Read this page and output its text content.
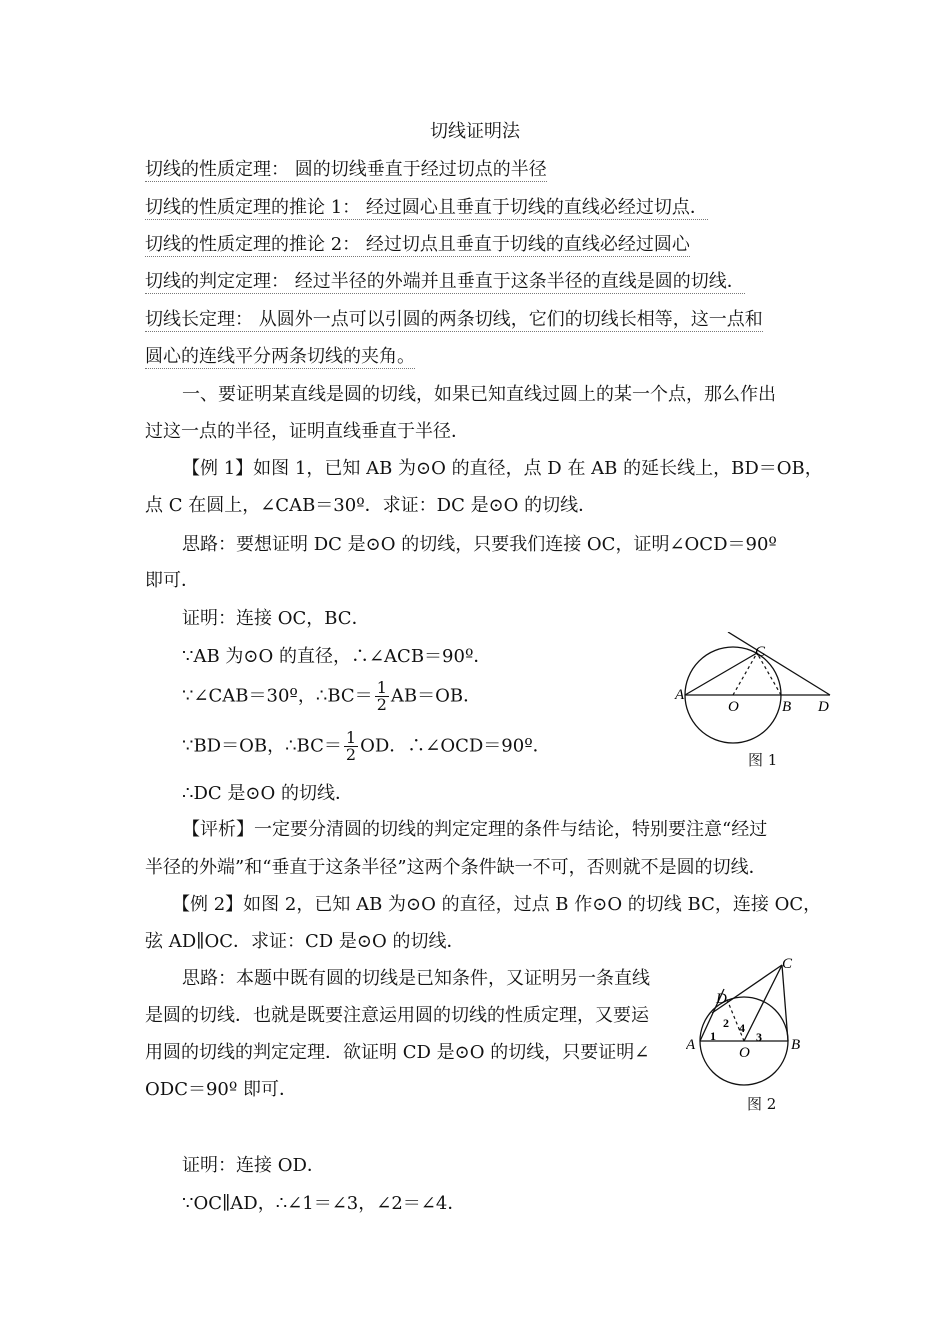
切线证明法
切线的性质定理： 圆的切线垂直于经过切点的半径
切线的性质定理的推论 1： 经过圆心且垂直于切线的直线必经过切点．
切线的性质定理的推论 2： 经过切点且垂直于切线的直线必经过圆心
切线的判定定理： 经过半径的外端并且垂直于这条半径的直线是圆的切线．
切线长定理： 从圆外一点可以引圆的两条切线，它们的切线长相等，这一点和
圆心的连线平分两条切线的夹角。
一、要证明某直线是圆的切线，如果已知直线过圆上的某一个点，那么作出
过这一点的半径，证明直线垂直于半径．
【例 1】如图 1，已知 AB 为⊙O 的直径，点 D 在 AB 的延长线上，BD＝OB，
点 C 在圆上，∠CAB＝30º．求证：DC 是⊙O 的切线．
思路：要想证明 DC 是⊙O 的切线，只要我们连接 OC，证明∠OCD＝90º
即可．
证明：连接 OC，BC．
∵AB 为⊙O 的直径，∴∠ACB＝90º．
∵∠CAB＝30º，∴BC＝ $\frac{1}{2} AB=OB$．
∵BD＝OB，∴BC＝ $\frac{1}{2}$ OD．∴∠OCD＝90º．
∴DC 是⊙O 的切线．
【评析】一定要分清圆的切线的判定定理的条件与结论，特别要注意“经过
半径的外端”和“垂直于这条半径”这两个条件缺一不可，否则就不是圆的切线．
【例 2】如图 2，已知 AB 为⊙O 的直径，过点 B 作⊙O 的切线 BC，连接 OC，
弦 AD∥OC．求证：CD 是⊙O 的切线．
思路：本题中既有圆的切线是已知条件，又证明另一条直线
是圆的切线．也就是既要注意运用圆的切线的性质定理，又要运
用圆的切线的判定定理．欲证明 CD 是⊙O 的切线，只要证明∠
ODC＝90º 即可．
证明：连接 OD．
∵OC∥AD，∴∠1＝∠3，∠2＝∠4．
A
O	B
C
D
图 1
A	O	B
C
D
1
2
3
4
图 2
